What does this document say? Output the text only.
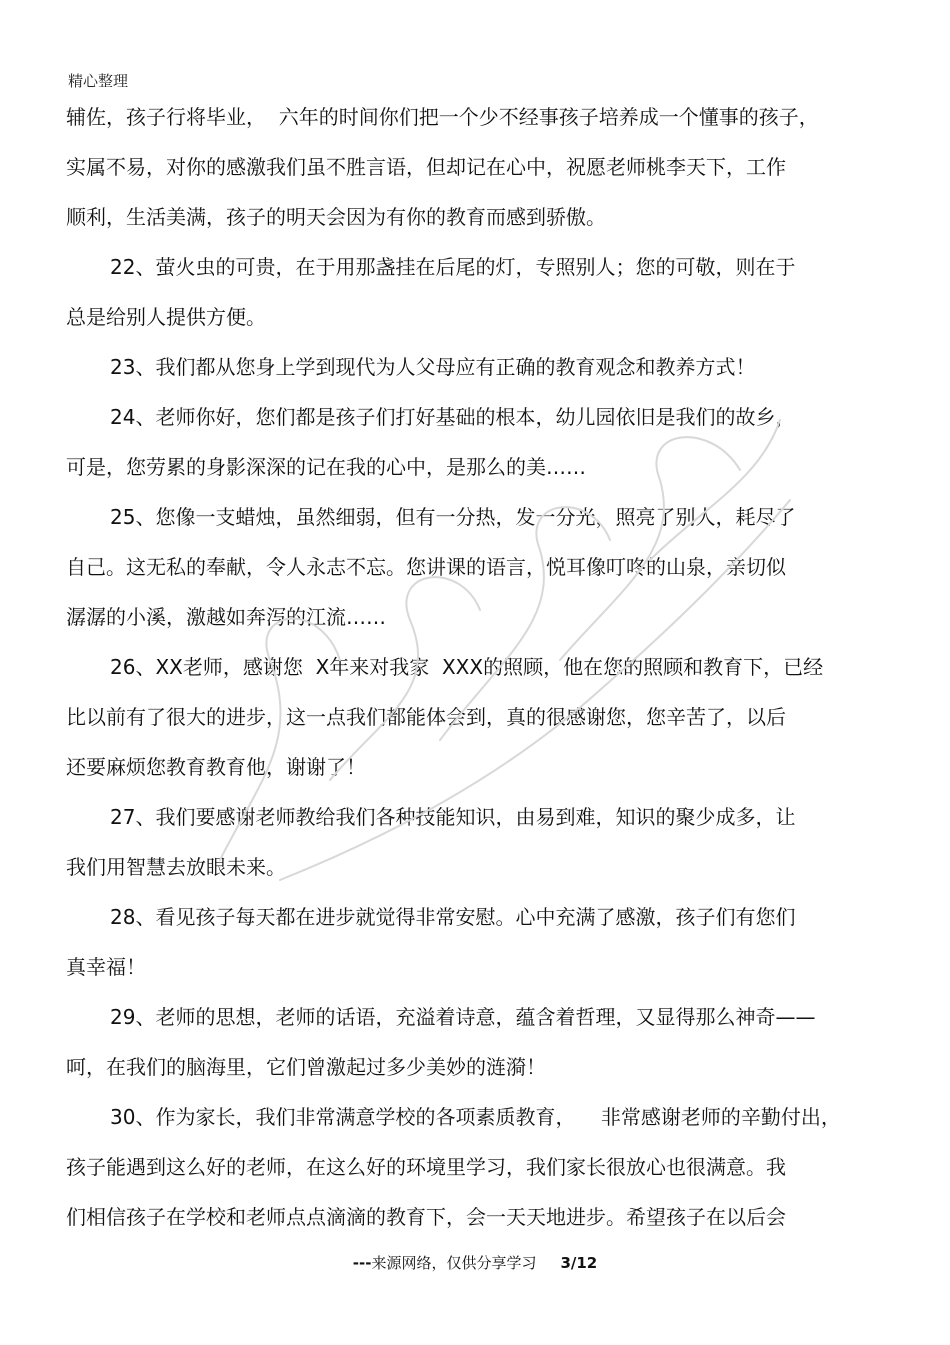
精心整理
辅佐，孩子行将毕业，  六年的时间你们把一个少不经事孩子培养成一个懂事的孩子，
实属不易，对你的感激我们虽不胜言语，但却记在心中，祝愿老师桃李天下，工作
顺利，生活美满，孩子的明天会因为有你的教育而感到骄傲。
22、萤火虫的可贵，在于用那盏挂在后尾的灯，专照别人；您的可敬，则在于
总是给别人提供方便。
23、我们都从您身上学到现代为人父母应有正确的教育观念和教养方式！
24、老师你好，您们都是孩子们打好基础的根本，幼儿园依旧是我们的故乡，
可是，您劳累的身影深深的记在我的心中，是那么的美……
25、您像一支蜡烛，虽然细弱，但有一分热，发一分光，照亮了别人，耗尽了
自己。这无私的奉献，令人永志不忘。您讲课的语言，悦耳像叮咚的山泉，亲切似
潺潺的小溪，激越如奔泻的江流……
26、XX老师，感谢您  X年来对我家  XXX的照顾，他在您的照顾和教育下，已经
比以前有了很大的进步，这一点我们都能体会到，真的很感谢您，您辛苦了，以后
还要麻烦您教育教育他，谢谢了！
27、我们要感谢老师教给我们各种技能知识，由易到难，知识的聚少成多，让
我们用智慧去放眼未来。
28、看见孩子每天都在进步就觉得非常安慰。心中充满了感激，孩子们有您们
真幸福！
29、老师的思想，老师的话语，充溢着诗意，蕴含着哲理，又显得那么神奇——
呵，在我们的脑海里，它们曾激起过多少美妙的涟漪！
30、作为家长，我们非常满意学校的各项素质教育，    非常感谢老师的辛勤付出，
孩子能遇到这么好的老师，在这么好的环境里学习，我们家长很放心也很满意。我
们相信孩子在学校和老师点点滴滴的教育下，会一天天地进步。希望孩子在以后会
---来源网络，仅供分享学习 3/12
